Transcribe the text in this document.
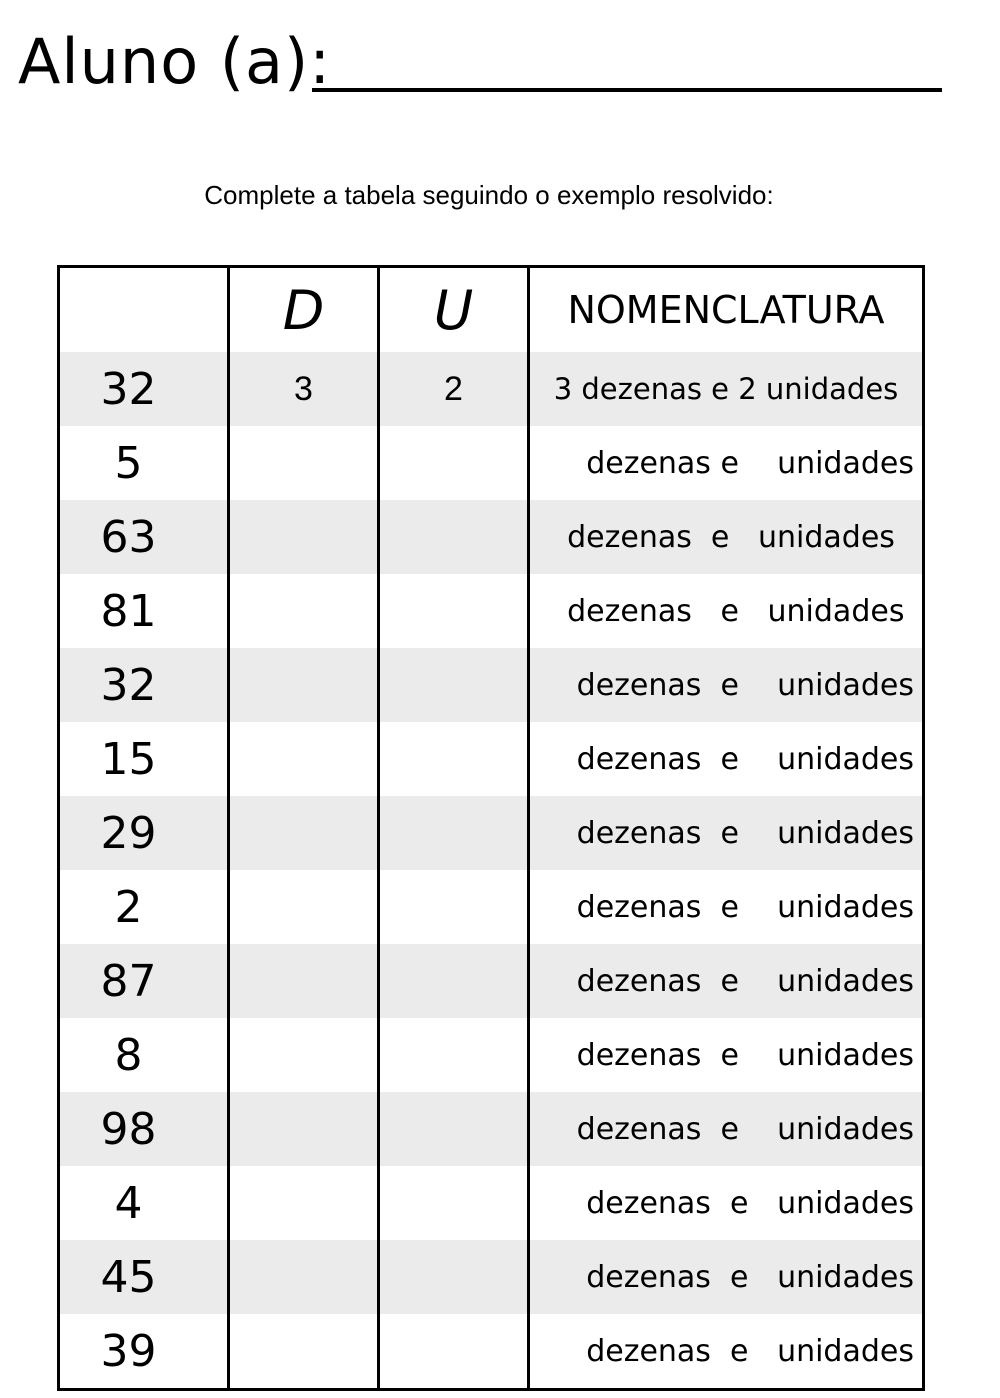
Aluno (a):
Complete a tabela seguindo o exemplo resolvido:
	D	U	NOMENCLATURA
32	3	2	3 dezenas e 2 unidades
5			dezenas e    unidades
63			dezenas  e   unidades
81			dezenas   e   unidades
32			dezenas  e    unidades
15			dezenas  e    unidades
29			dezenas  e    unidades
2			dezenas  e    unidades
87			dezenas  e    unidades
8			dezenas  e    unidades
98			dezenas  e    unidades
4			dezenas  e   unidades
45			dezenas  e   unidades
39			dezenas  e   unidades
